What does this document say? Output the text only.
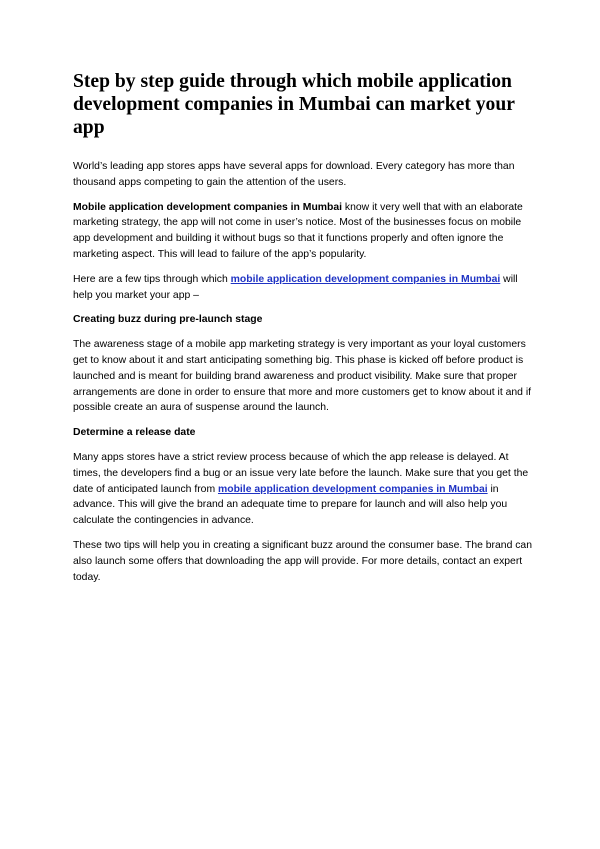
Step by step guide through which mobile application development companies in Mumbai can market your app

World’s leading app stores apps have several apps for download. Every category has more than thousand apps competing to gain the attention of the users.

Mobile application development companies in Mumbai know it very well that with an elaborate marketing strategy, the app will not come in user’s notice. Most of the businesses focus on mobile app development and building it without bugs so that it functions properly and often ignore the marketing aspect. This will lead to failure of the app’s popularity.

Here are a few tips through which mobile application development companies in Mumbai will help you market your app –

Creating buzz during pre-launch stage

The awareness stage of a mobile app marketing strategy is very important as your loyal customers get to know about it and start anticipating something big. This phase is kicked off before product is launched and is meant for building brand awareness and product visibility. Make sure that proper arrangements are done in order to ensure that more and more customers get to know about it and if possible create an aura of suspense around the launch.

Determine a release date

Many apps stores have a strict review process because of which the app release is delayed. At times, the developers find a bug or an issue very late before the launch. Make sure that you get the date of anticipated launch from mobile application development companies in Mumbai in advance. This will give the brand an adequate time to prepare for launch and will also help you calculate the contingencies in advance.

These two tips will help you in creating a significant buzz around the consumer base. The brand can also launch some offers that downloading the app will provide. For more details, contact an expert today.
